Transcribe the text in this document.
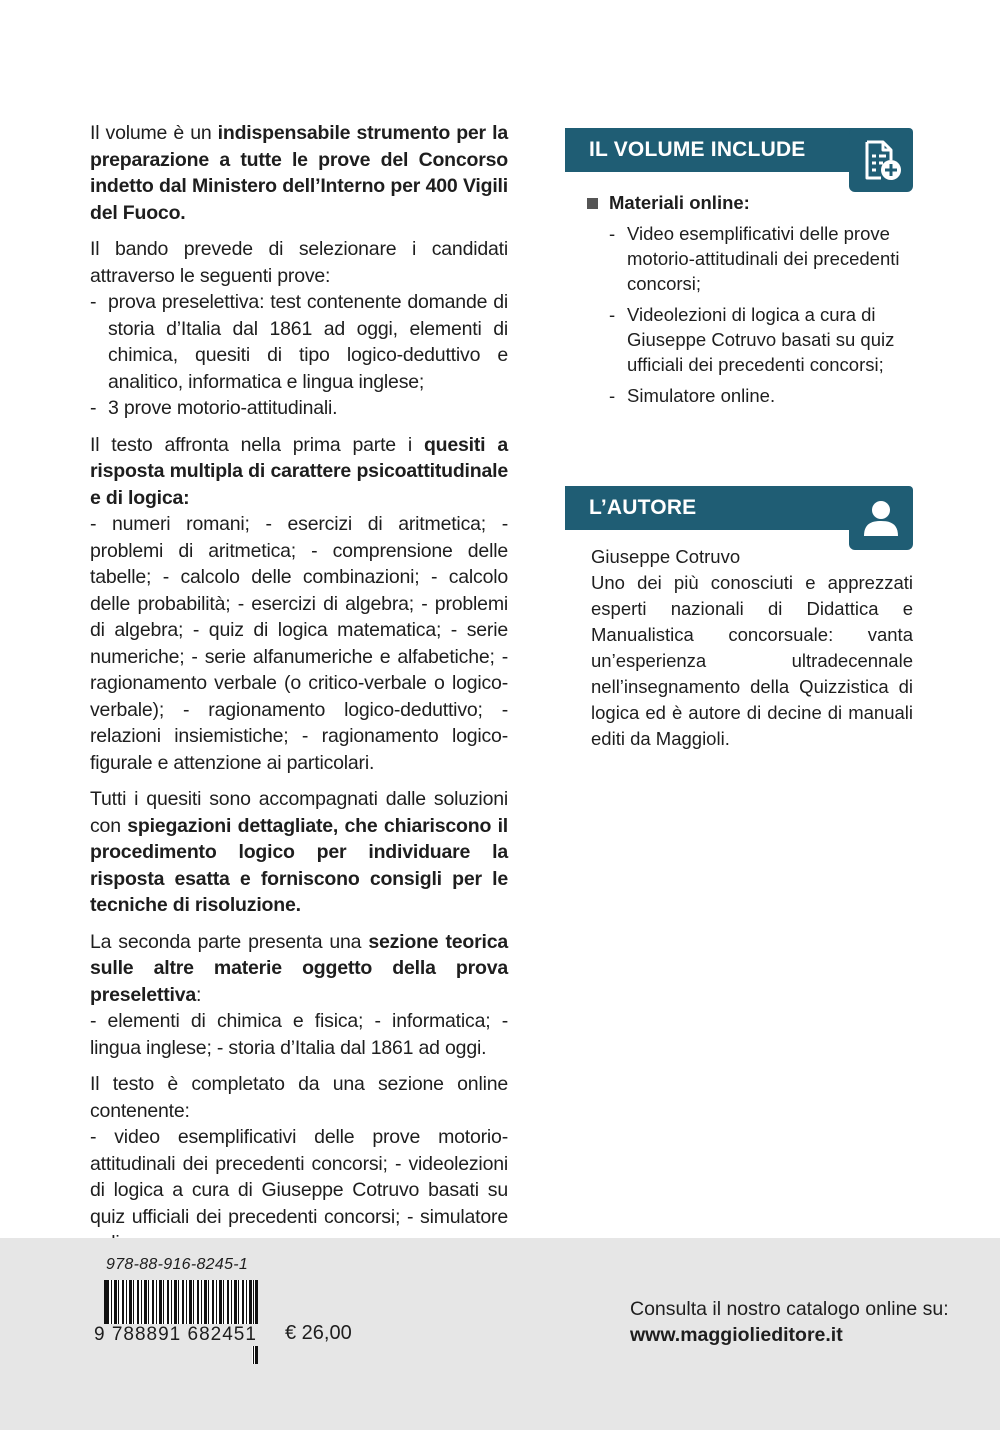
Il volume è un indispensabile strumento per la preparazione a tutte le prove del Concorso indetto dal Ministero dell’Interno per 400 Vigili del Fuoco.

Il bando prevede di selezionare i candidati attraverso le seguenti prove:

- prova preselettiva: test contenente domande di storia d’Italia dal 1861 ad oggi, elementi di chimica, quesiti di tipo logico-deduttivo e analitico, informatica e lingua inglese;
- 3 prove motorio-attitudinali.

Il testo affronta nella prima parte i quesiti a risposta multipla di carattere psicoattitudinale e di logica:

- numeri romani; - esercizi di aritmetica; - problemi di aritmetica; - comprensione delle tabelle; - calcolo delle combinazioni; - calcolo delle probabilità; - esercizi di algebra; - problemi di algebra; - quiz di logica matematica; - serie numeriche; - serie alfanumeriche e alfabetiche; - ragionamento verbale (o critico-verbale o logico-verbale); - ragionamento logico-deduttivo; - relazioni insiemistiche; - ragionamento logico-figurale e attenzione ai particolari.

Tutti i quesiti sono accompagnati dalle soluzioni con spiegazioni dettagliate, che chiariscono il procedimento logico per individuare la risposta esatta e forniscono consigli per le tecniche di risoluzione.

La seconda parte presenta una sezione teorica sulle altre materie oggetto della prova preselettiva:

- elementi di chimica e fisica; - informatica; - lingua inglese; - storia d’Italia dal 1861 ad oggi.

Il testo è completato da una sezione online contenente:

- video esemplificativi delle prove motorio-attitudinali dei precedenti concorsi; - videolezioni di logica a cura di Giuseppe Cotruvo basati su quiz ufficiali dei precedenti concorsi; - simulatore

IL VOLUME INCLUDE
Materiali online:
- Video esemplificativi delle prove motorio-attitudinali dei precedenti concorsi;
- Videolezioni di logica a cura di Giuseppe Cotruvo basati su quiz ufficiali dei precedenti concorsi;
- Simulatore online.
L’AUTORE
Giuseppe Cotruvo
Uno dei più conosciuti e apprezzati esperti nazionali di Didattica e Manualistica concorsuale: vanta un’esperienza ultradecennale nell’insegnamento della Quizzistica di logica ed è autore di decine di manuali editi da Maggioli.
978-88-916-8245-1
9 788891 682451 € 26,00
Consulta il nostro catalogo online su:
www.maggiolieditore.it
